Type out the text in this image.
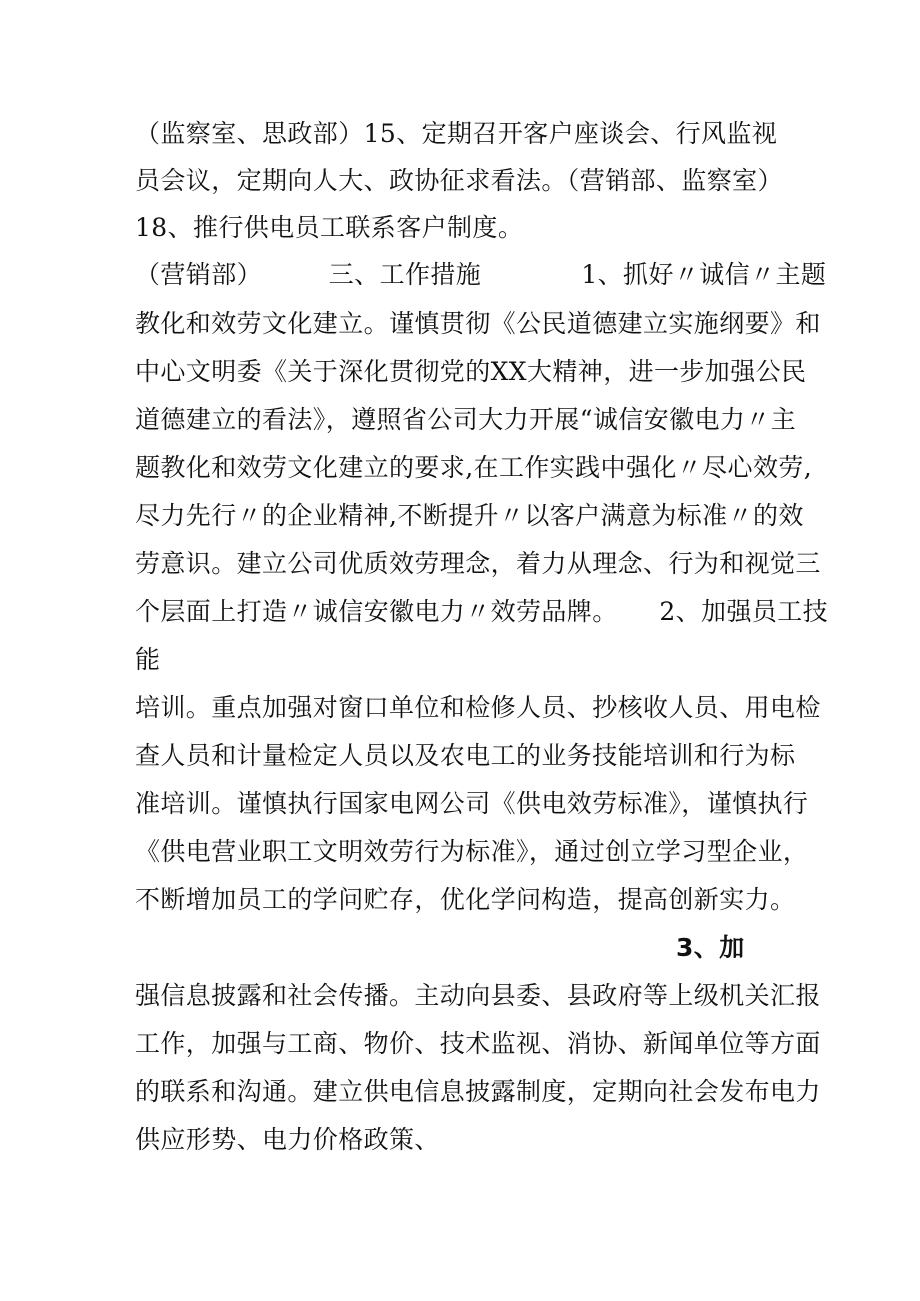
（监察室、思政部）15、定期召开客户座谈会、行风监视
员会议，定期向人大、政协征求看法。（营销部、监察室）
18、推行供电员工联系客户制度。
（营销部）        三、工作措施            1、抓好〃诚信〃主题
教化和效劳文化建立。谨慎贯彻《公民道德建立实施纲要》和
中心文明委《关于深化贯彻党的XX大精神，进一步加强公民
道德建立的看法》，遵照省公司大力开展“诚信安徽电力〃主
题教化和效劳文化建立的要求,在工作实践中强化〃尽心效劳,
尽力先行〃的企业精神,不断提升〃以客户满意为标准〃的效
劳意识。建立公司优质效劳理念，着力从理念、行为和视觉三
个层面上打造〃诚信安徽电力〃效劳品牌。     2、加强员工技
能
培训。重点加强对窗口单位和检修人员、抄核收人员、用电检
查人员和计量检定人员以及农电工的业务技能培训和行为标
准培训。谨慎执行国家电网公司《供电效劳标准》，谨慎执行
《供电营业职工文明效劳行为标准》，通过创立学习型企业，
不断增加员工的学问贮存，优化学问构造，提高创新实力。
3、加
强信息披露和社会传播。主动向县委、县政府等上级机关汇报
工作，加强与工商、物价、技术监视、消协、新闻单位等方面
的联系和沟通。建立供电信息披露制度，定期向社会发布电力
供应形势、电力价格政策、
